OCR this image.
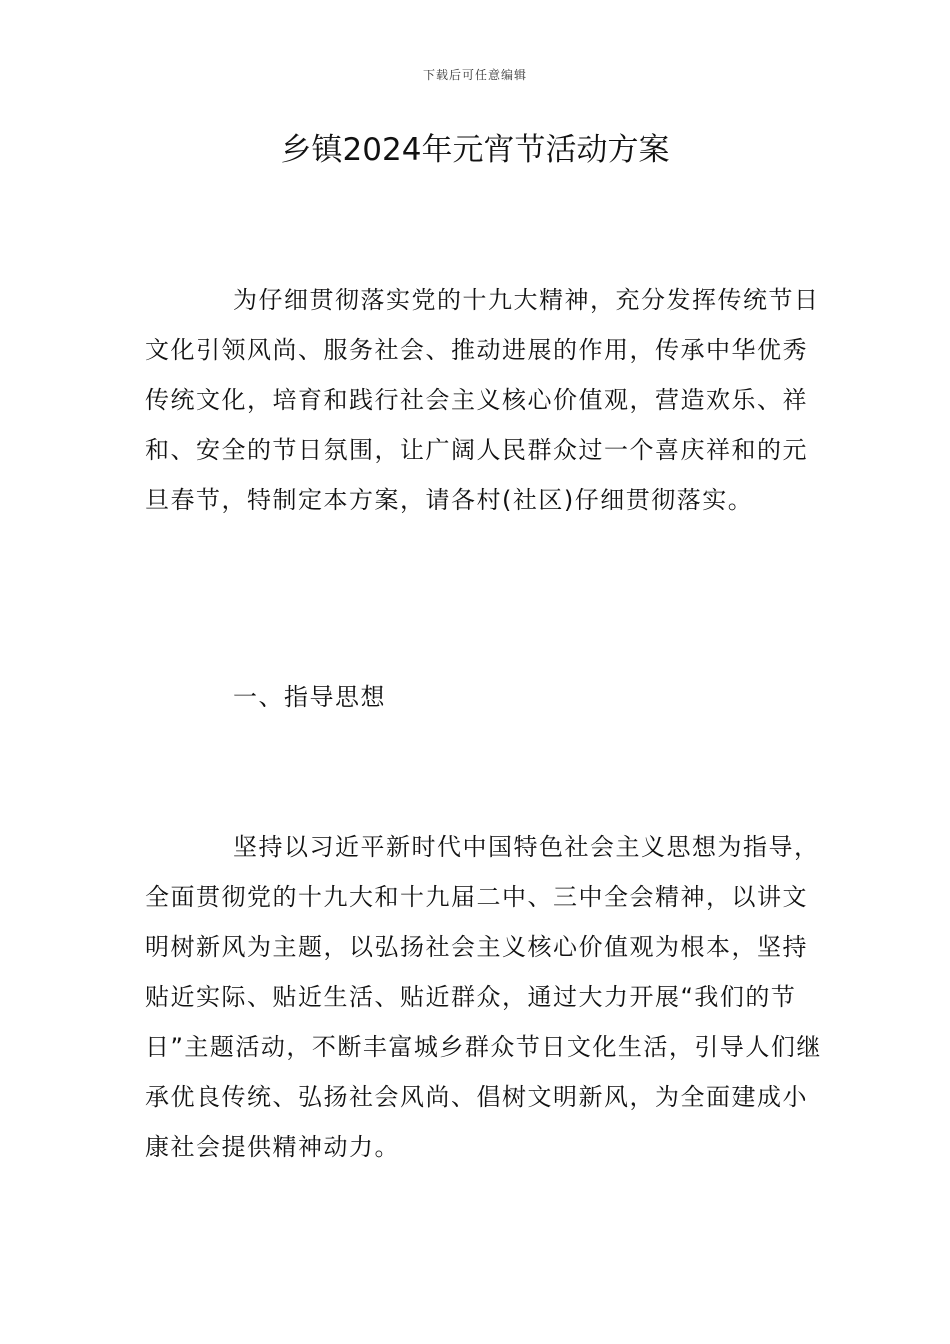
下载后可任意编辑
乡镇2024年元宵节活动方案

为仔细贯彻落实党的十九大精神，充分发挥传统节日文化引领风尚、服务社会、推动进展的作用，传承中华优秀传统文化，培育和践行社会主义核心价值观，营造欢乐、祥和、安全的节日氛围，让广阔人民群众过一个喜庆祥和的元旦春节，特制定本方案，请各村(社区)仔细贯彻落实。

一、指导思想

坚持以习近平新时代中国特色社会主义思想为指导，全面贯彻党的十九大和十九届二中、三中全会精神，以讲文明树新风为主题，以弘扬社会主义核心价值观为根本，坚持贴近实际、贴近生活、贴近群众，通过大力开展“我们的节日”主题活动，不断丰富城乡群众节日文化生活，引导人们继承优良传统、弘扬社会风尚、倡树文明新风，为全面建成小康社会提供精神动力。
